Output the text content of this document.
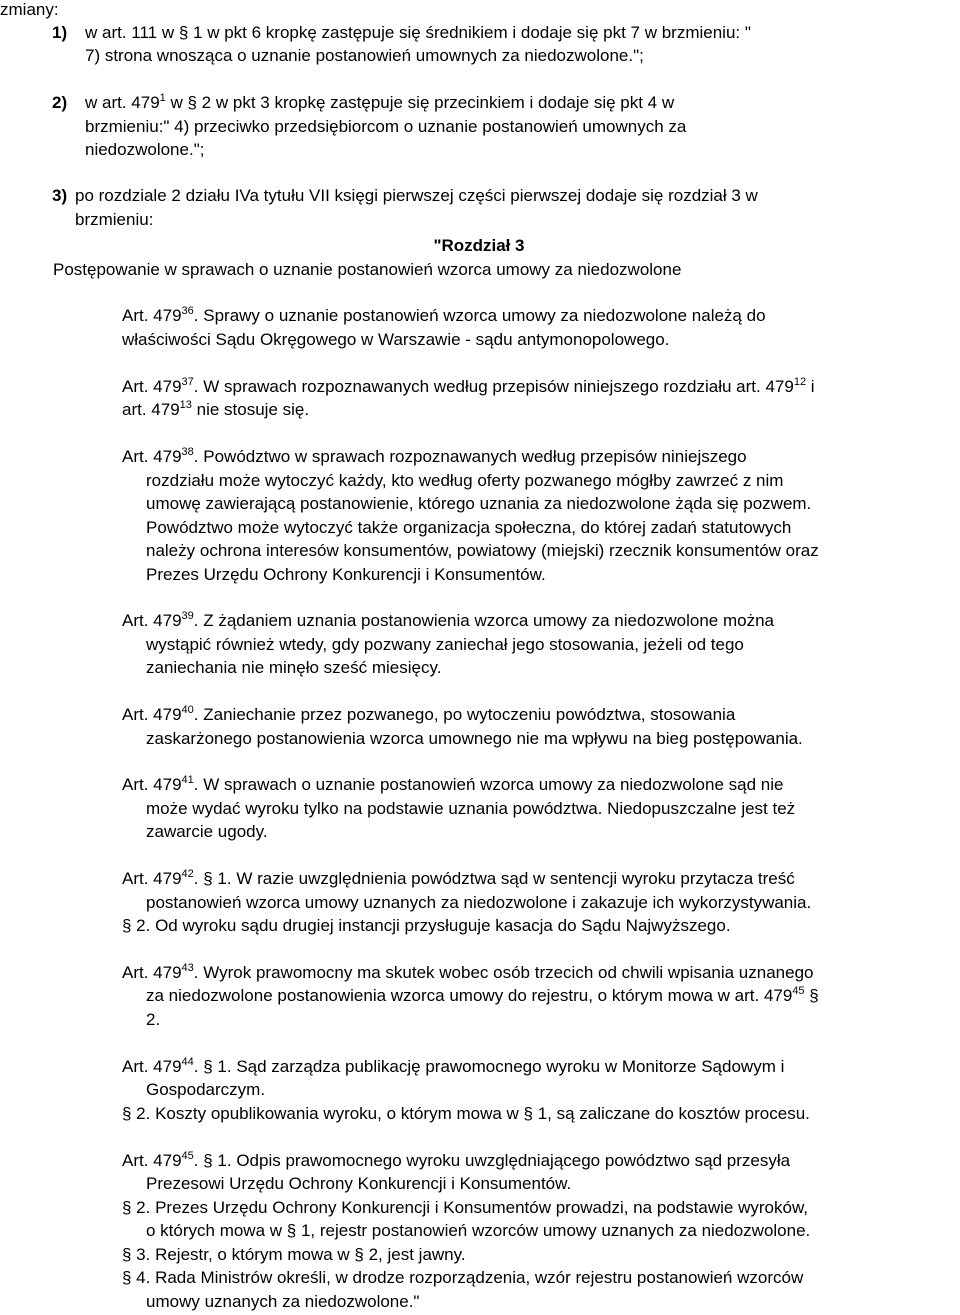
zmiany:
1) w art. 111 w § 1 w pkt 6 kropkę zastępuje się średnikiem i dodaje się pkt 7 w brzmieniu: "
7) strona wnosząca o uznanie postanowień umownych za niedozwolone.";
2) w art. $479^1$ w § 2 w pkt 3 kropkę zastępuje się przecinkiem i dodaje się pkt 4 w
brzmieniu:" 4) przeciwko przedsiębiorcom o uznanie postanowień umownych za
niedozwolone.";
3) po rozdziale 2 działu IVa tytułu VII księgi pierwszej części pierwszej dodaje się rozdział 3 w
brzmieniu:
"Rozdział 3
Postępowanie w sprawach o uznanie postanowień wzorca umowy za niedozwolone
Art. $479^{36}$. Sprawy o uznanie postanowień wzorca umowy za niedozwolone należą do
właściwości Sądu Okręgowego w Warszawie - sądu antymonopolowego.
Art. $479^{37}$. W sprawach rozpoznawanych według przepisów niniejszego rozdziału art. $479^{12}$ i
art. $479^{13}$ nie stosuje się.
Art. $479^{38}$. Powództwo w sprawach rozpoznawanych według przepisów niniejszego
rozdziału może wytoczyć każdy, kto według oferty pozwanego mógłby zawrzeć z nim
umowę zawierającą postanowienie, którego uznania za niedozwolone żąda się pozwem.
Powództwo może wytoczyć także organizacja społeczna, do której zadań statutowych
należy ochrona interesów konsumentów, powiatowy (miejski) rzecznik konsumentów oraz
Prezes Urzędu Ochrony Konkurencji i Konsumentów.
Art. $479^{39}$. Z żądaniem uznania postanowienia wzorca umowy za niedozwolone można
wystąpić również wtedy, gdy pozwany zaniechał jego stosowania, jeżeli od tego
zaniechania nie minęło sześć miesięcy.
Art. $479^{40}$. Zaniechanie przez pozwanego, po wytoczeniu powództwa, stosowania
zaskarżonego postanowienia wzorca umownego nie ma wpływu na bieg postępowania.
Art. $479^{41}$. W sprawach o uznanie postanowień wzorca umowy za niedozwolone sąd nie
może wydać wyroku tylko na podstawie uznania powództwa. Niedopuszczalne jest też
zawarcie ugody.
Art. $479^{42}$. § 1. W razie uwzględnienia powództwa sąd w sentencji wyroku przytacza treść
postanowień wzorca umowy uznanych za niedozwolone i zakazuje ich wykorzystywania.
§ 2. Od wyroku sądu drugiej instancji przysługuje kasacja do Sądu Najwyższego.
Art. $479^{43}$. Wyrok prawomocny ma skutek wobec osób trzecich od chwili wpisania uznanego
za niedozwolone postanowienia wzorca umowy do rejestru, o którym mowa w art. $479^{45}$ §
2.
Art. $479^{44}$. § 1. Sąd zarządza publikację prawomocnego wyroku w Monitorze Sądowym i
Gospodarczym.
§ 2. Koszty opublikowania wyroku, o którym mowa w § 1, są zaliczane do kosztów procesu.
Art. $479^{45}$. § 1. Odpis prawomocnego wyroku uwzględniającego powództwo sąd przesyła
Prezesowi Urzędu Ochrony Konkurencji i Konsumentów.
§ 2. Prezes Urzędu Ochrony Konkurencji i Konsumentów prowadzi, na podstawie wyroków,
o których mowa w § 1, rejestr postanowień wzorców umowy uznanych za niedozwolone.
§ 3. Rejestr, o którym mowa w § 2, jest jawny.
§ 4. Rada Ministrów określi, w drodze rozporządzenia, wzór rejestru postanowień wzorców
umowy uznanych za niedozwolone."
